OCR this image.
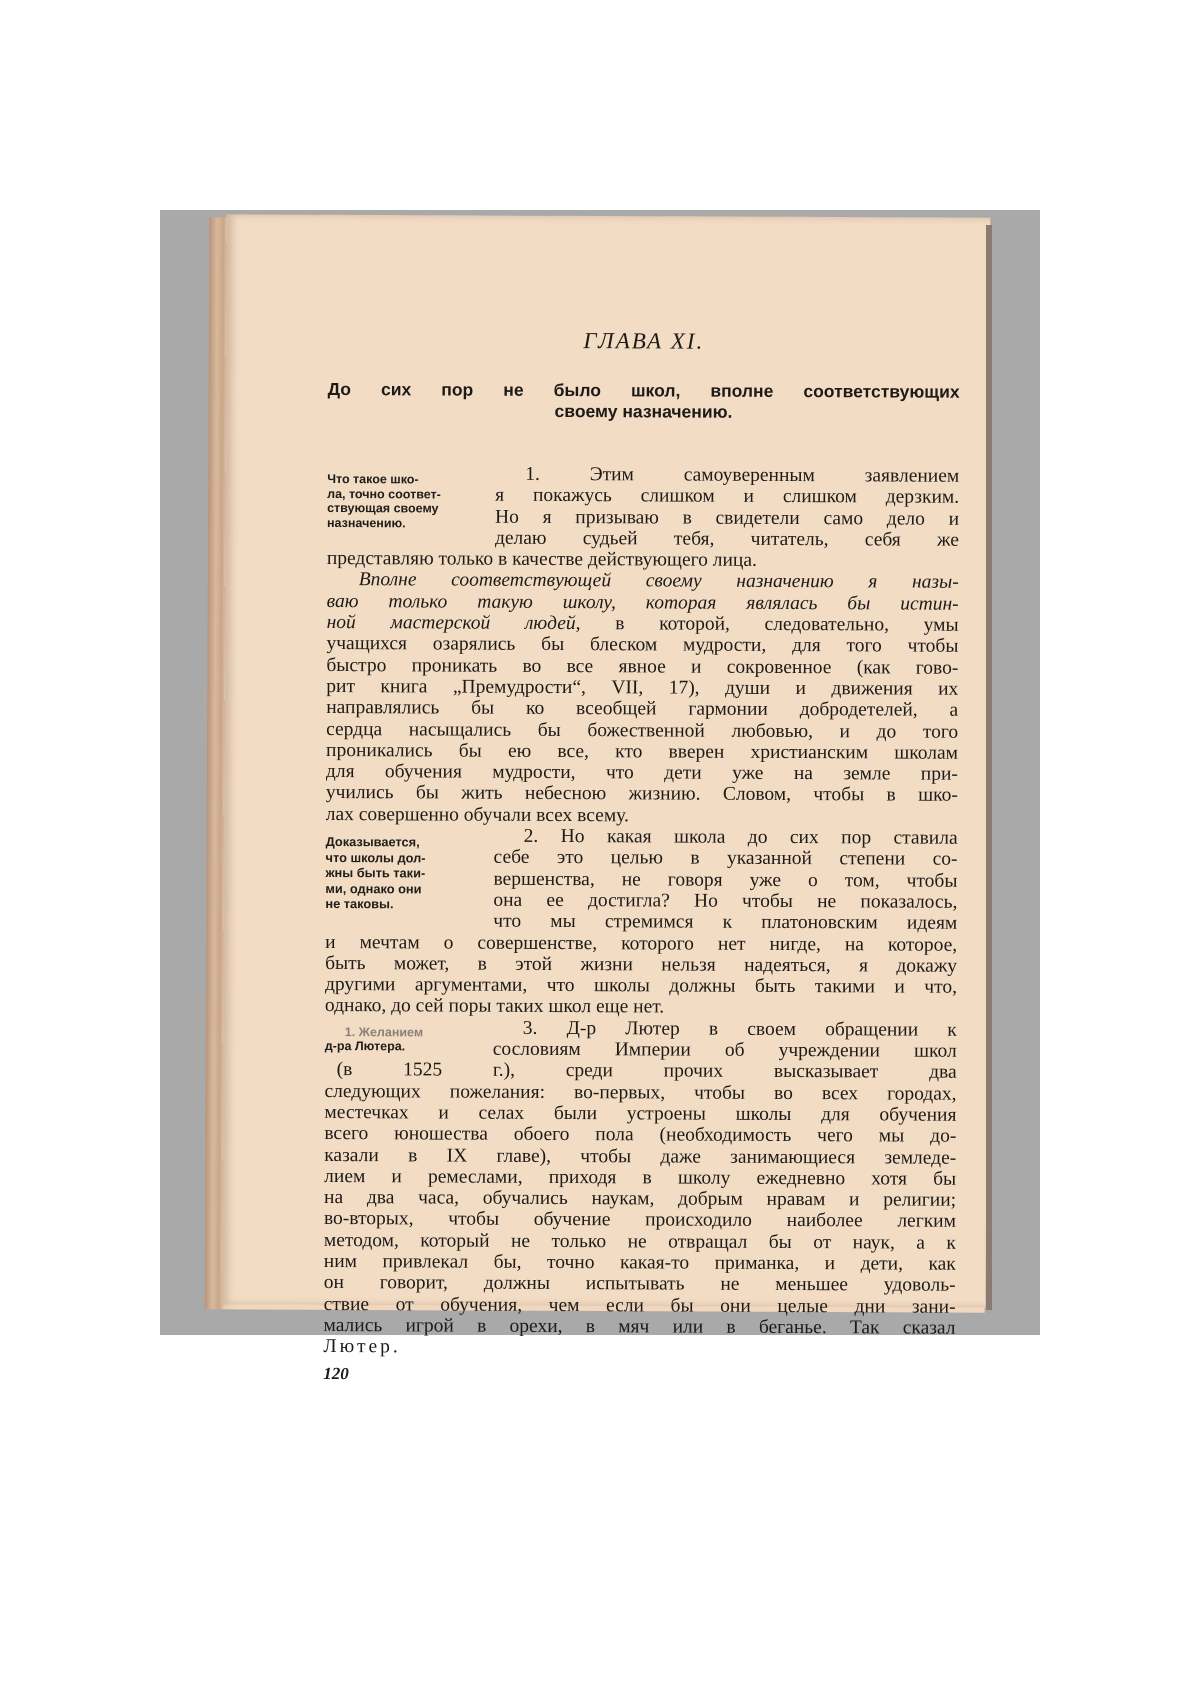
ГЛАВА XI.
До сих пор не было школ, вполне соответствующих
своему назначению.
Что такое шко-
ла, точно соответ-
ствующая своему
назначению.
1. Этим самоуверенным заявлением
я покажусь слишком и слишком дерзким.
Но я призываю в свидетели само дело и
делаю судьей тебя, читатель, себя же
представляю только в качестве действующего лица.
Вполне соответствующей своему назначению я назы-
ваю только такую школу, которая являлась бы истин-
ной мастерской людей, в которой, следовательно, умы
учащихся озарялись бы блеском мудрости, для того чтобы
быстро проникать во все явное и сокровенное (как гово-
рит книга „Премудрости“, VII, 17), души и движения их
направлялись бы ко всеобщей гармонии добродетелей, а
сердца насыщались бы божественной любовью, и до того
проникались бы ею все, кто вверен христианским школам
для обучения мудрости, что дети уже на земле при-
учились бы жить небесною жизнию. Словом, чтобы в шко-
лах совершенно обучали всех всему.
Доказывается,
что школы дол-
жны быть таки-
ми, однако они
не таковы.
2. Но какая школа до сих пор ставила
себе это целью в указанной степени со-
вершенства, не говоря уже о том, чтобы
она ее достигла? Но чтобы не показалось,
что мы стремимся к платоновским идеям
и мечтам о совершенстве, которого нет нигде, на которое,
быть может, в этой жизни нельзя надеяться, я докажу
другими аргументами, что школы должны быть такими и что,
однако, до сей поры таких школ еще нет.
1. Желанием
д-ра Лютера.
3. Д-р Лютер в своем обращении к
сословиям Империи об учреждении школ
(в 1525 г.), среди прочих высказывает два
следующих пожелания: во-первых, чтобы во всех городах,
местечках и селах были устроены школы для обучения
всего юношества обоего пола (необходимость чего мы до-
казали в IX главе), чтобы даже занимающиеся земледе-
лием и ремеслами, приходя в школу ежедневно хотя бы
на два часа, обучались наукам, добрым нравам и религии;
во-вторых, чтобы обучение происходило наиболее легким
методом, который не только не отвращал бы от наук, а к
ним привлекал бы, точно какая-то приманка, и дети, как
он говорит, должны испытывать не меньшее удоволь-
ствие от обучения, чем если бы они целые дни зани-
мались игрой в орехи, в мяч или в беганье. Так сказал
Лютер.
120
